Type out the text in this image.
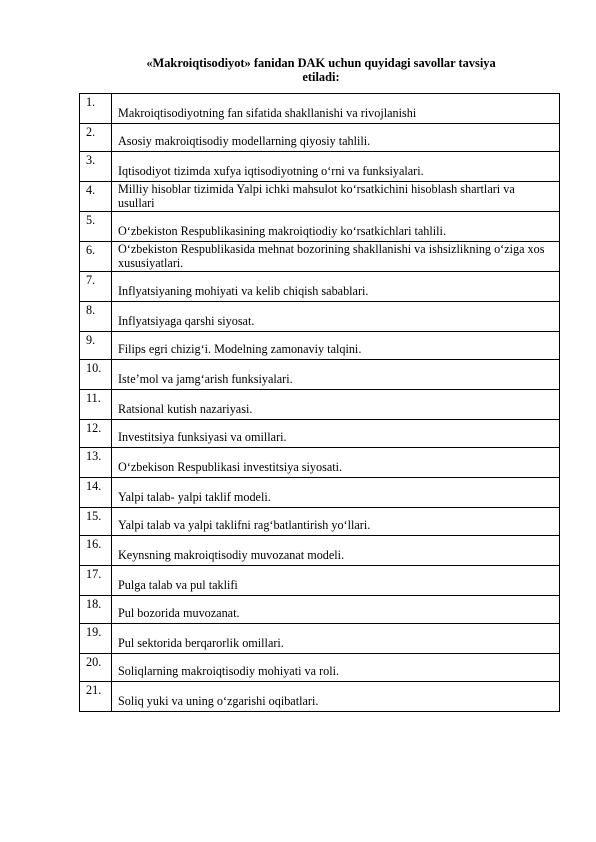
«Makroiqtisodiyot» fanidan DAK uchun quyidagi savollar tavsiya
etiladi:
1.	Makroiqtisodiyotning fan sifatida shakllanishi va rivojlanishi
2.	Asosiy makroiqtisodiy modellarning qiyosiy tahlili.
3.	Iqtisodiyot tizimda xufya iqtisodiyotning o‘rni va funksiyalari.
4.	Milliy hisoblar tizimida Yalpi ichki mahsulot ko‘rsatkichini hisoblash shartlari va usullari
5.	O‘zbekiston Respublikasining makroiqtiodiy ko‘rsatkichlari tahlili.
6.	O‘zbekiston Respublikasida mehnat bozorining shakllanishi va ishsizlikning o‘ziga xos xususiyatlari.
7.	Inflyatsiyaning mohiyati va kelib chiqish sabablari.
8.	Inflyatsiyaga qarshi siyosat.
9.	Filips egri chizig‘i. Modelning zamonaviy talqini.
10.	Iste’mol va jamg‘arish funksiyalari.
11.	Ratsional kutish nazariyasi.
12.	Investitsiya funksiyasi va omillari.
13.	O‘zbekison Respublikasi investitsiya siyosati.
14.	Yalpi talab- yalpi taklif modeli.
15.	Yalpi talab va yalpi taklifni rag‘batlantirish yo‘llari.
16.	Keynsning makroiqtisodiy muvozanat modeli.
17.	Pulga talab va pul taklifi
18.	Pul bozorida muvozanat.
19.	Pul sektorida berqarorlik omillari.
20.	Soliqlarning makroiqtisodiy mohiyati va roli.
21.	Soliq yuki va uning o‘zgarishi oqibatlari.
